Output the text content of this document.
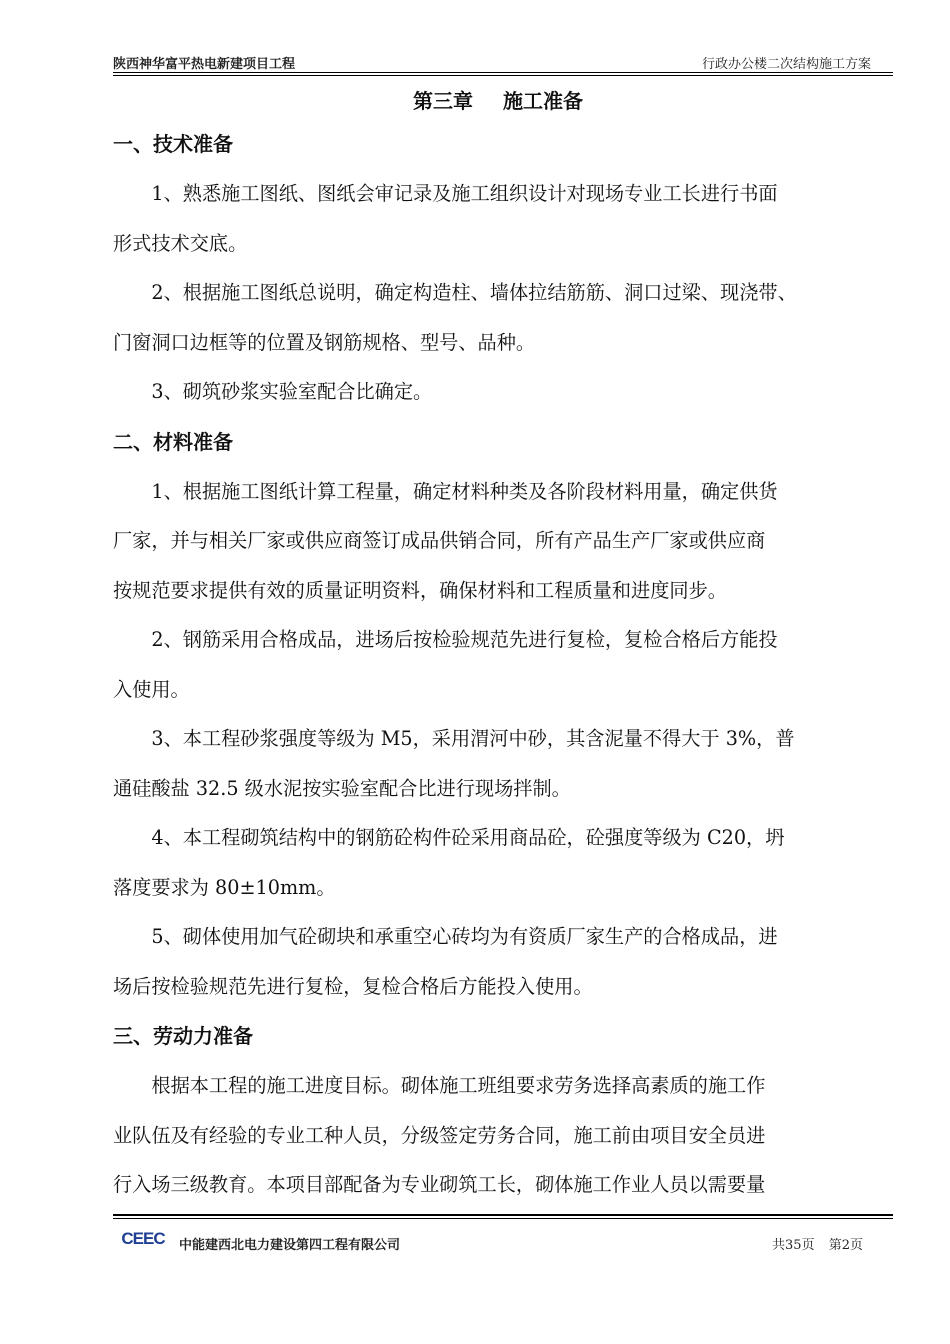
陕西神华富平热电新建项目工程	行政办公楼二次结构施工方案
第三章 施工准备
一、技术准备

1、熟悉施工图纸、图纸会审记录及施工组织设计对现场专业工长进行书面

形式技术交底。

2、根据施工图纸总说明，确定构造柱、墙体拉结筋筋、洞口过梁、现浇带、

门窗洞口边框等的位置及钢筋规格、型号、品种。

3、砌筑砂浆实验室配合比确定。

二、材料准备

1、根据施工图纸计算工程量，确定材料种类及各阶段材料用量，确定供货

厂家，并与相关厂家或供应商签订成品供销合同，所有产品生产厂家或供应商

按规范要求提供有效的质量证明资料，确保材料和工程质量和进度同步。

2、钢筋采用合格成品，进场后按检验规范先进行复检，复检合格后方能投

入使用。

3、本工程砂浆强度等级为 M5，采用渭河中砂，其含泥量不得大于 3%，普

通硅酸盐 32.5 级水泥按实验室配合比进行现场拌制。

4、本工程砌筑结构中的钢筋砼构件砼采用商品砼，砼强度等级为 C20，坍

落度要求为 80±10mm。

5、砌体使用加气砼砌块和承重空心砖均为有资质厂家生产的合格成品，进

场后按检验规范先进行复检，复检合格后方能投入使用。

三、劳动力准备

根据本工程的施工进度目标。砌体施工班组要求劳务选择高素质的施工作

业队伍及有经验的专业工种人员，分级签定劳务合同，施工前由项目安全员进

行入场三级教育。本项目部配备为专业砌筑工长，砌体施工作业人员以需要量

CEEC 中能建西北电力建设第四工程有限公司	共35页 第2页
